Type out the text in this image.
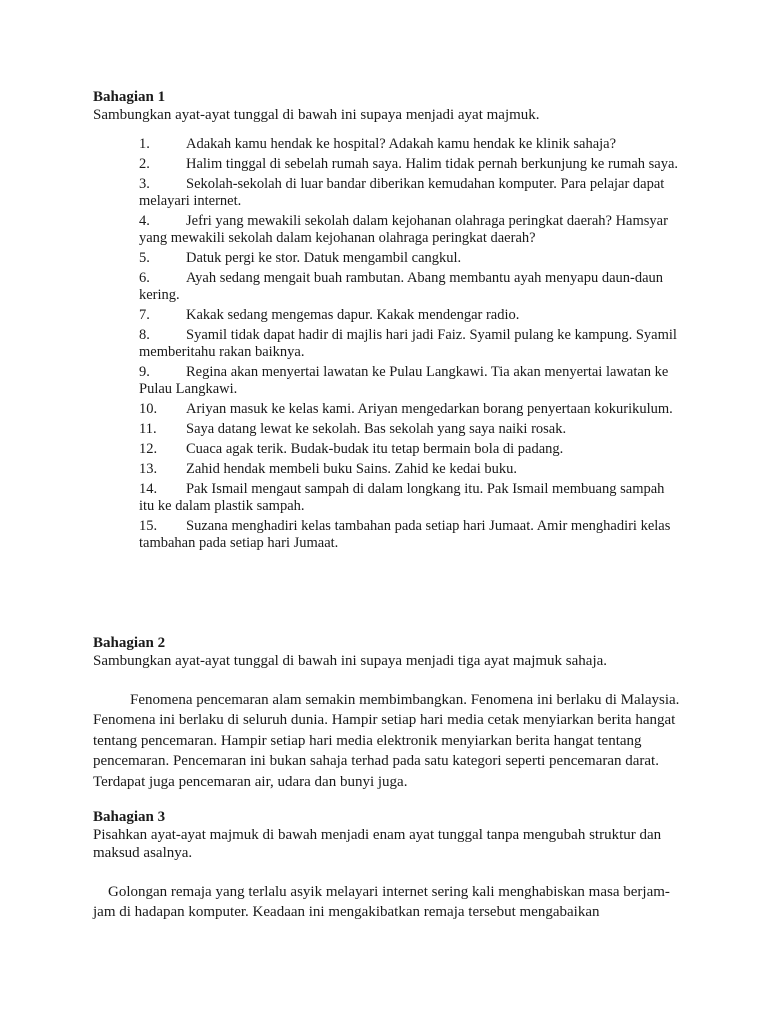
Bahagian 1

Sambungkan ayat-ayat tunggal di bawah ini supaya menjadi ayat majmuk.

1. Adakah kamu hendak ke hospital? Adakah kamu hendak ke klinik sahaja?
2. Halim tinggal di sebelah rumah saya. Halim tidak pernah berkunjung ke rumah saya.
3. Sekolah-sekolah di luar bandar diberikan kemudahan komputer. Para pelajar dapat melayari internet.
4. Jefri yang mewakili sekolah dalam kejohanan olahraga peringkat daerah? Hamsyar yang mewakili sekolah dalam kejohanan olahraga peringkat daerah?
5. Datuk pergi ke stor. Datuk mengambil cangkul.
6. Ayah sedang mengait buah rambutan. Abang membantu ayah menyapu daun-daun kering.
7. Kakak sedang mengemas dapur. Kakak mendengar radio.
8. Syamil tidak dapat hadir di majlis hari jadi Faiz. Syamil pulang ke kampung. Syamil memberitahu rakan baiknya.
9. Regina akan menyertai lawatan ke Pulau Langkawi. Tia akan menyertai lawatan ke Pulau Langkawi.
10. Ariyan masuk ke kelas kami. Ariyan mengedarkan borang penyertaan kokurikulum.
11. Saya datang lewat ke sekolah. Bas sekolah yang saya naiki rosak.
12. Cuaca agak terik. Budak-budak itu tetap bermain bola di padang.
13. Zahid hendak membeli buku Sains. Zahid ke kedai buku.
14. Pak Ismail mengaut sampah di dalam longkang itu. Pak Ismail membuang sampah itu ke dalam plastik sampah.
15. Suzana menghadiri kelas tambahan pada setiap hari Jumaat. Amir menghadiri kelas tambahan pada setiap hari Jumaat.

Bahagian 2

Sambungkan ayat-ayat tunggal di bawah ini supaya menjadi tiga ayat majmuk sahaja.

Fenomena pencemaran alam semakin membimbangkan. Fenomena ini berlaku di Malaysia. Fenomena ini berlaku di seluruh dunia. Hampir setiap hari media cetak menyiarkan berita hangat tentang pencemaran. Hampir setiap hari media elektronik menyiarkan berita hangat tentang pencemaran. Pencemaran ini bukan sahaja terhad pada satu kategori seperti pencemaran darat. Terdapat juga pencemaran air, udara dan bunyi juga.

Bahagian 3

Pisahkan ayat-ayat majmuk di bawah menjadi enam ayat tunggal tanpa mengubah struktur dan maksud asalnya.

Golongan remaja yang terlalu asyik melayari internet sering kali menghabiskan masa berjam-jam di hadapan komputer. Keadaan ini mengakibatkan remaja tersebut mengabaikan
